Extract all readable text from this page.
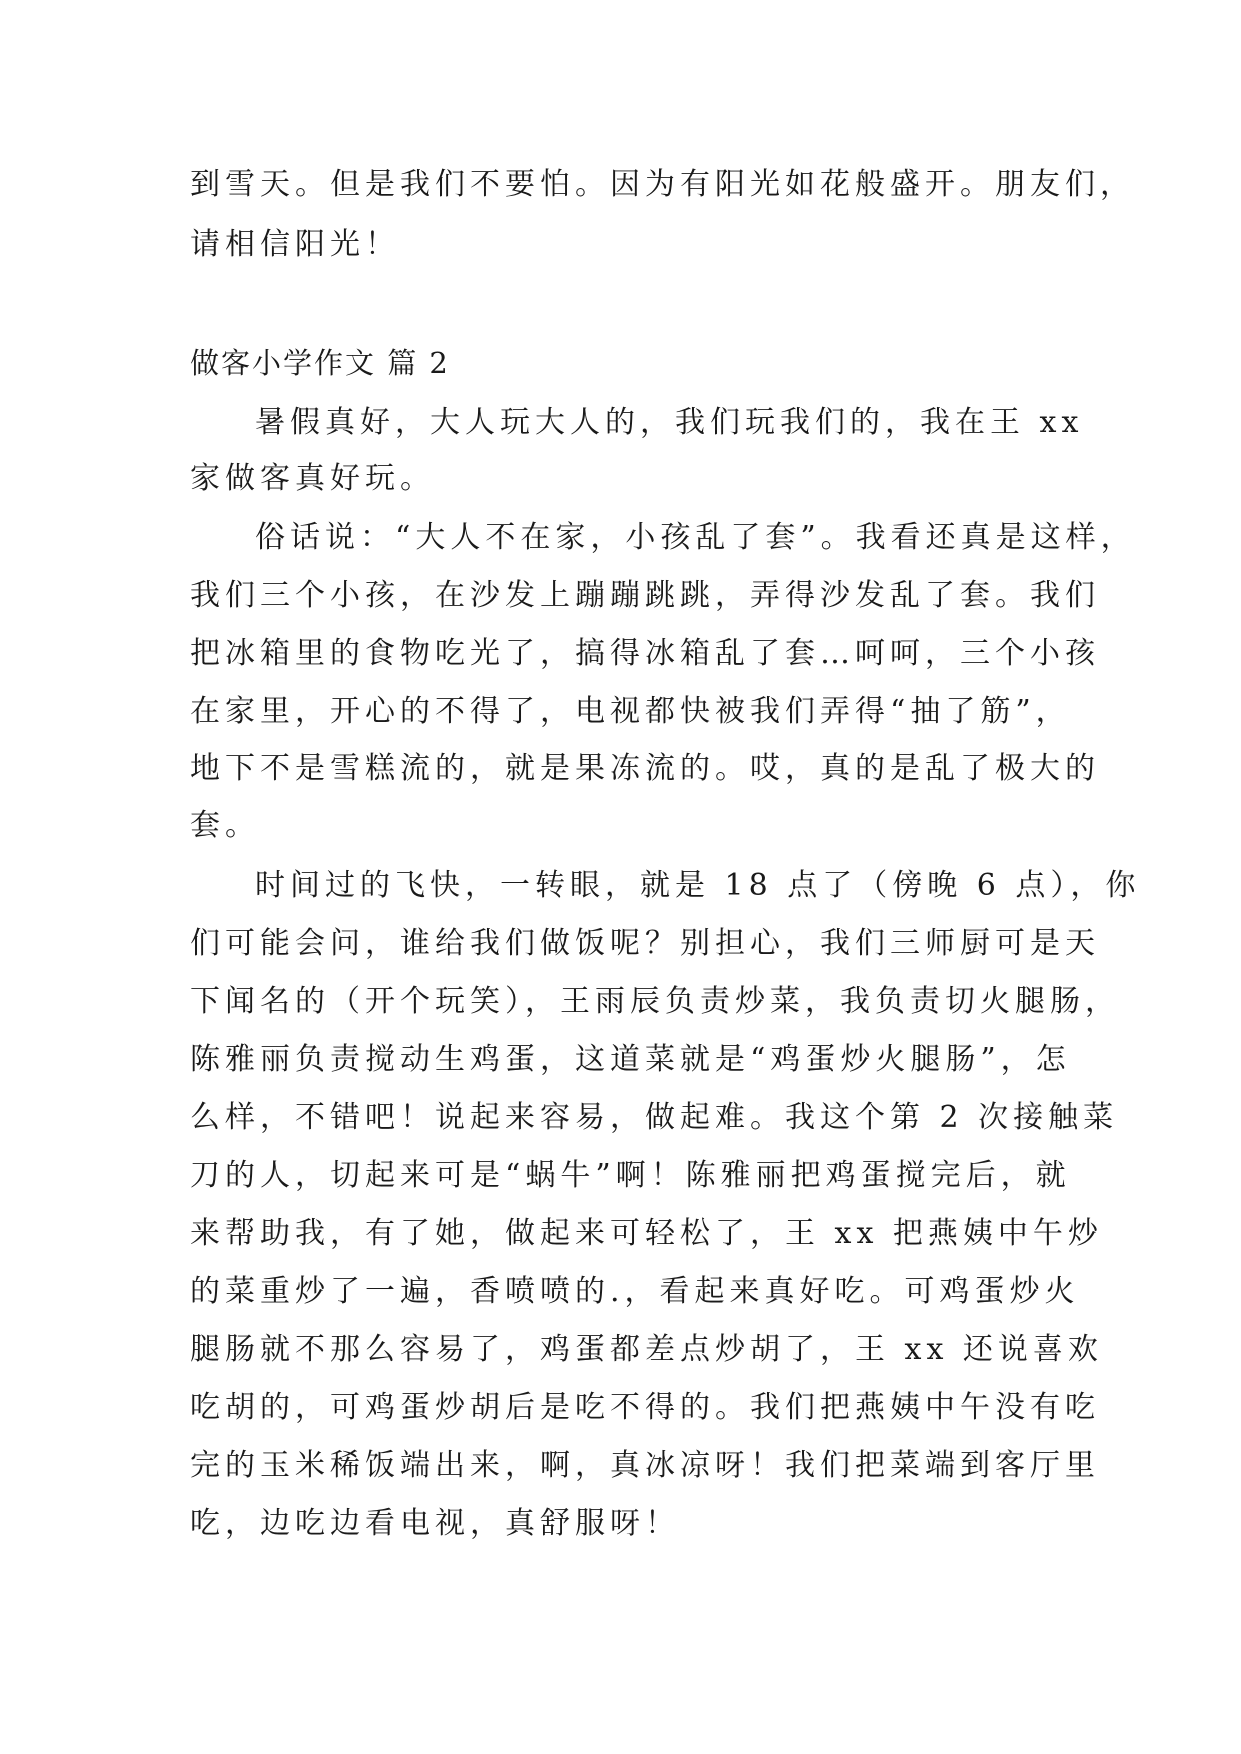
到雪天。但是我们不要怕。因为有阳光如花般盛开。朋友们，
请相信阳光！
做客小学作文 篇 2
暑假真好，大人玩大人的，我们玩我们的，我在王 xx
家做客真好玩。
俗话说：“大人不在家，小孩乱了套”。我看还真是这样，
我们三个小孩，在沙发上蹦蹦跳跳，弄得沙发乱了套。我们
把冰箱里的食物吃光了，搞得冰箱乱了套…呵呵，三个小孩
在家里，开心的不得了，电视都快被我们弄得“抽了筋”，
地下不是雪糕流的，就是果冻流的。哎，真的是乱了极大的
套。
时间过的飞快，一转眼，就是 18 点了（傍晚 6 点），你
们可能会问，谁给我们做饭呢？别担心，我们三师厨可是天
下闻名的（开个玩笑），王雨辰负责炒菜，我负责切火腿肠，
陈雅丽负责搅动生鸡蛋，这道菜就是“鸡蛋炒火腿肠”，怎
么样，不错吧！说起来容易，做起难。我这个第 2 次接触菜
刀的人，切起来可是“蜗牛”啊！陈雅丽把鸡蛋搅完后，就
来帮助我，有了她，做起来可轻松了，王 xx 把燕姨中午炒
的菜重炒了一遍，香喷喷的.，看起来真好吃。可鸡蛋炒火
腿肠就不那么容易了，鸡蛋都差点炒胡了，王 xx 还说喜欢
吃胡的，可鸡蛋炒胡后是吃不得的。我们把燕姨中午没有吃
完的玉米稀饭端出来，啊，真冰凉呀！我们把菜端到客厅里
吃，边吃边看电视，真舒服呀！
